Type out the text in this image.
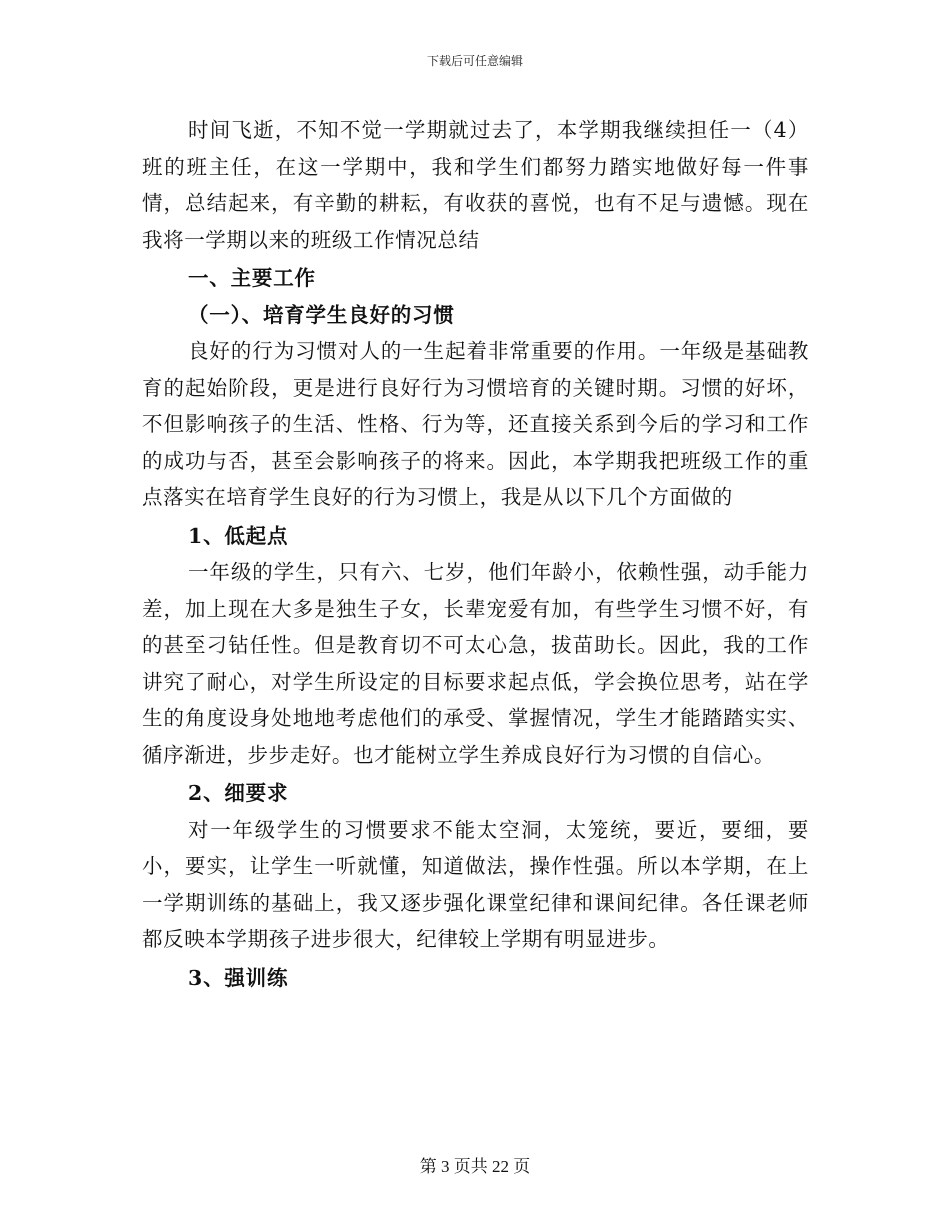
下载后可任意编辑

时间飞逝，不知不觉一学期就过去了，本学期我继续担任一（4）班的班主任，在这一学期中，我和学生们都努力踏实地做好每一件事情，总结起来，有辛勤的耕耘，有收获的喜悦，也有不足与遗憾。现在我将一学期以来的班级工作情况总结

一、主要工作

（一）、培育学生良好的习惯

良好的行为习惯对人的一生起着非常重要的作用。一年级是基础教育的起始阶段，更是进行良好行为习惯培育的关键时期。习惯的好坏，不但影响孩子的生活、性格、行为等，还直接关系到今后的学习和工作的成功与否，甚至会影响孩子的将来。因此，本学期我把班级工作的重点落实在培育学生良好的行为习惯上，我是从以下几个方面做的

1、低起点

一年级的学生，只有六、七岁，他们年龄小，依赖性强，动手能力差，加上现在大多是独生子女，长辈宠爱有加，有些学生习惯不好，有的甚至刁钻任性。但是教育切不可太心急，拔苗助长。因此，我的工作讲究了耐心，对学生所设定的目标要求起点低，学会换位思考，站在学生的角度设身处地地考虑他们的承受、掌握情况，学生才能踏踏实实、循序渐进，步步走好。也才能树立学生养成良好行为习惯的自信心。

2、细要求

对一年级学生的习惯要求不能太空洞，太笼统，要近，要细，要小，要实，让学生一听就懂，知道做法，操作性强。所以本学期，在上一学期训练的基础上，我又逐步强化课堂纪律和课间纪律。各任课老师都反映本学期孩子进步很大，纪律较上学期有明显进步。

3、强训练

第 3 页共 22 页
